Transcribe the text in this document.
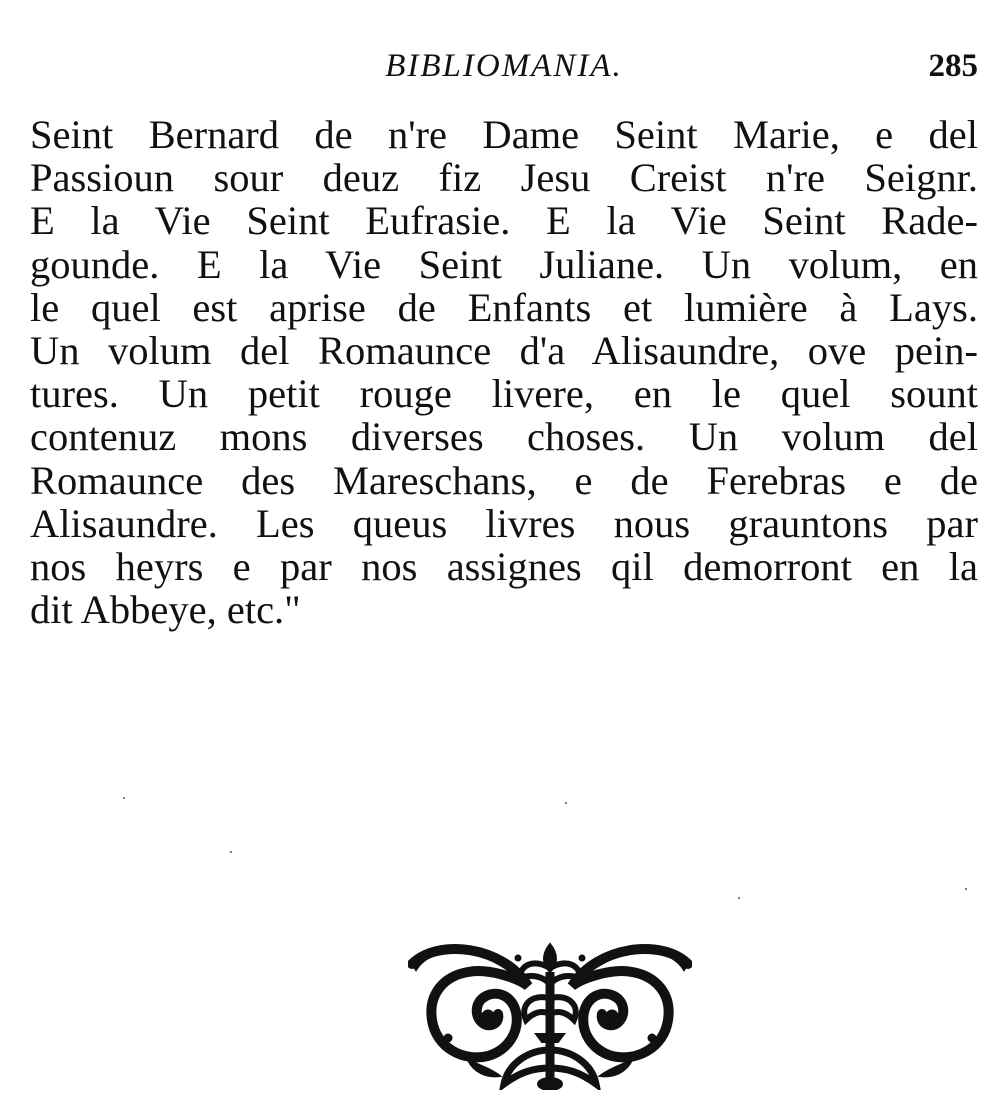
BIBLIOMANIA.	285
Seint Bernard de n're Dame Seint Marie, e del
Passioun sour deuz fiz Jesu Creist n're Seignr.
E la Vie Seint Eufrasie. E la Vie Seint Rade-
gounde. E la Vie Seint Juliane. Un volum, en
le quel est aprise de Enfants et lumière à Lays.
Un volum del Romaunce d'a Alisaundre, ove pein-
tures. Un petit rouge livere, en le quel sount
contenuz mons diverses choses. Un volum del
Romaunce des Mareschans, e de Ferebras e de
Alisaundre. Les queus livres nous grauntons par
nos heyrs e par nos assignes qil demorront en la
dit Abbeye, etc."
